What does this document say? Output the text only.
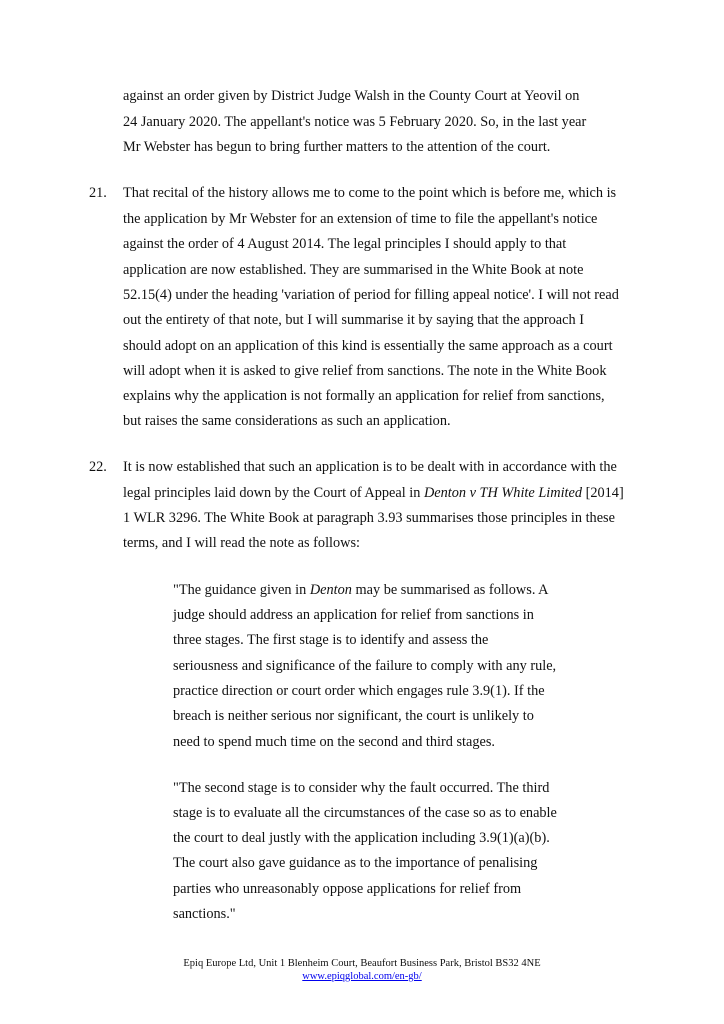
against an order given by District Judge Walsh in the County Court at Yeovil on
24 January 2020. The appellant's notice was 5 February 2020. So, in the last year
Mr Webster has begun to bring further matters to the attention of the court.
21. That recital of the history allows me to come to the point which is before me, which is
the application by Mr Webster for an extension of time to file the appellant's notice
against the order of 4 August 2014. The legal principles I should apply to that
application are now established. They are summarised in the White Book at note
52.15(4) under the heading 'variation of period for filling appeal notice'. I will not read
out the entirety of that note, but I will summarise it by saying that the approach I
should adopt on an application of this kind is essentially the same approach as a court
will adopt when it is asked to give relief from sanctions. The note in the White Book
explains why the application is not formally an application for relief from sanctions,
but raises the same considerations as such an application.
22. It is now established that such an application is to be dealt with in accordance with the
legal principles laid down by the Court of Appeal in Denton v TH White Limited [2014]
1 WLR 3296. The White Book at paragraph 3.93 summarises those principles in these
terms, and I will read the note as follows:
"The guidance given in Denton may be summarised as follows. A
judge should address an application for relief from sanctions in
three stages. The first stage is to identify and assess the
seriousness and significance of the failure to comply with any rule,
practice direction or court order which engages rule 3.9(1). If the
breach is neither serious nor significant, the court is unlikely to
need to spend much time on the second and third stages.
"The second stage is to consider why the fault occurred. The third
stage is to evaluate all the circumstances of the case so as to enable
the court to deal justly with the application including 3.9(1)(a)(b).
The court also gave guidance as to the importance of penalising
parties who unreasonably oppose applications for relief from
sanctions."
Epiq Europe Ltd, Unit 1 Blenheim Court, Beaufort Business Park, Bristol BS32 4NE
www.epiqglobal.com/en-gb/
